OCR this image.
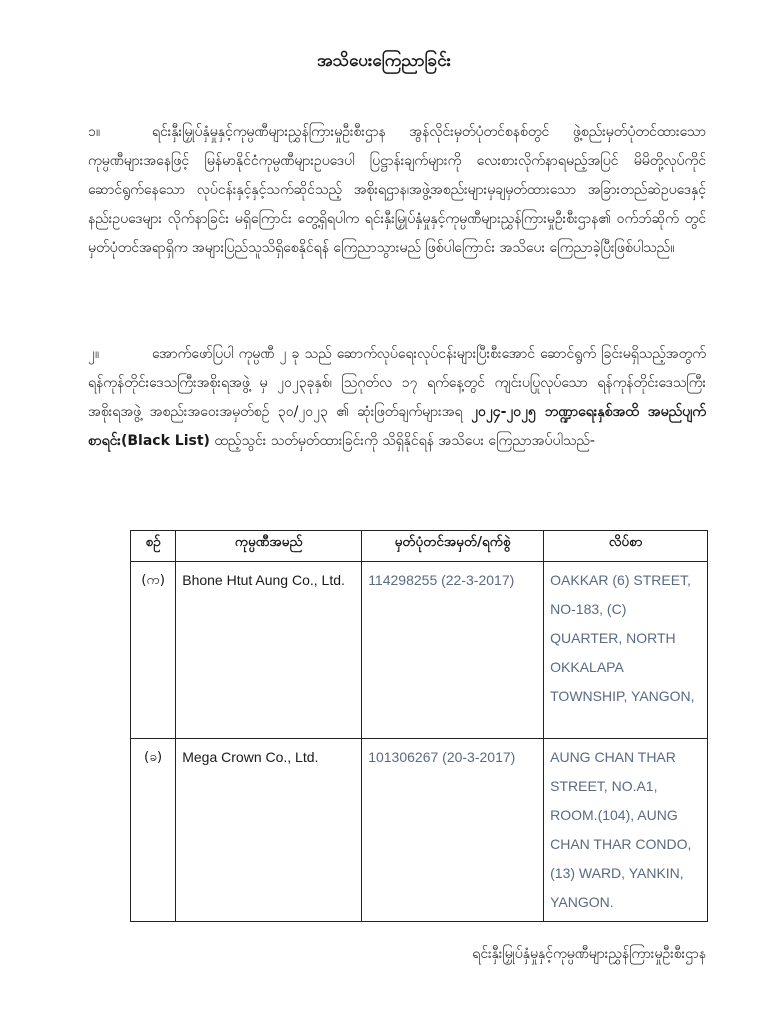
အသိပေးကြေညာခြင်း

၁။	ရင်းနှီးမြှုပ်နှံမှုနှင့်ကုမ္ပဏီများညွှန်ကြားမှုဦးစီးဌာန အွန်လိုင်းမှတ်ပုံတင်စနစ်တွင် ဖွဲ့စည်းမှတ်ပုံတင်ထားသော ကုမ္ပဏီများအနေဖြင့် မြန်မာနိုင်ငံကုမ္ပဏီများဥပဒေပါ ပြဋ္ဌာန်းချက်များကို လေးစားလိုက်နာရမည့်အပြင် မိမိတို့လုပ်ကိုင်ဆောင်ရွက်နေသော လုပ်ငန်းနှင့်နှင့်သက်ဆိုင်သည့် အစိုးရဌာန၊အဖွဲ့အစည်းများမှချမှတ်ထားသော အခြားတည်ဆဲဥပဒေနှင့်နည်းဥပဒေများ လိုက်နာခြင်း မရှိကြောင်း တွေ့ရှိရပါက ရင်းနှီးမြှုပ်နှံမှုနှင့်ကုမ္ပဏီများညွှန်ကြားမှုဦးစီးဌာန၏ ဝက်ဘ်ဆိုက် တွင် မှတ်ပုံတင်အရာရှိက အများပြည်သူသိရှိစေနိုင်ရန် ကြေညာသွားမည် ဖြစ်ပါကြောင်း အသိပေး ကြေညာခဲ့ပြီးဖြစ်ပါသည်။

၂။	အောက်ဖော်ပြပါ ကုမ္ပဏီ ၂ ခု သည် ဆောက်လုပ်ရေးလုပ်ငန်းများပြီးစီးအောင် ဆောင်ရွက် ခြင်းမရှိသည့်အတွက် ရန်ကုန်တိုင်းဒေသကြီးအစိုးရအဖွဲ့ မှ ၂၀၂၃ခုနှစ်၊ ဩဂုတ်လ ၁၇ ရက်နေ့တွင် ကျင်းပပြုလုပ်သော ရန်ကုန်တိုင်းဒေသကြီးအစိုးရအဖွဲ့ အစည်းအဝေးအမှတ်စဉ် ၃၀/၂၀၂၃ ၏ ဆုံးဖြတ်ချက်များအရ ၂၀၂၄-၂၀၂၅ ဘဏ္ဍာရေးနှစ်အထိ အမည်ပျက်စာရင်း(Black List) ထည့်သွင်း သတ်မှတ်ထားခြင်းကို သိရှိနိုင်ရန် အသိပေး ကြေညာအပ်ပါသည်-

စဉ်	ကုမ္ပဏီအမည်	မှတ်ပုံတင်အမှတ်/ရက်စွဲ	လိပ်စာ
(က)	Bhone Htut Aung Co., Ltd.	114298255 (22-3-2017)	OAKKAR (6) STREET, NO-183, (C) QUARTER, NORTH OKKALAPA TOWNSHIP, YANGON,
(ခ)	Mega Crown Co., Ltd.	101306267 (20-3-2017)	AUNG CHAN THAR STREET, NO.A1, ROOM.(104), AUNG CHAN THAR CONDO, (13) WARD, YANKIN, YANGON.

ရင်းနှီးမြှုပ်နှံမှုနှင့်ကုမ္ပဏီများညွှန်ကြားမှုဦးစီးဌာန
